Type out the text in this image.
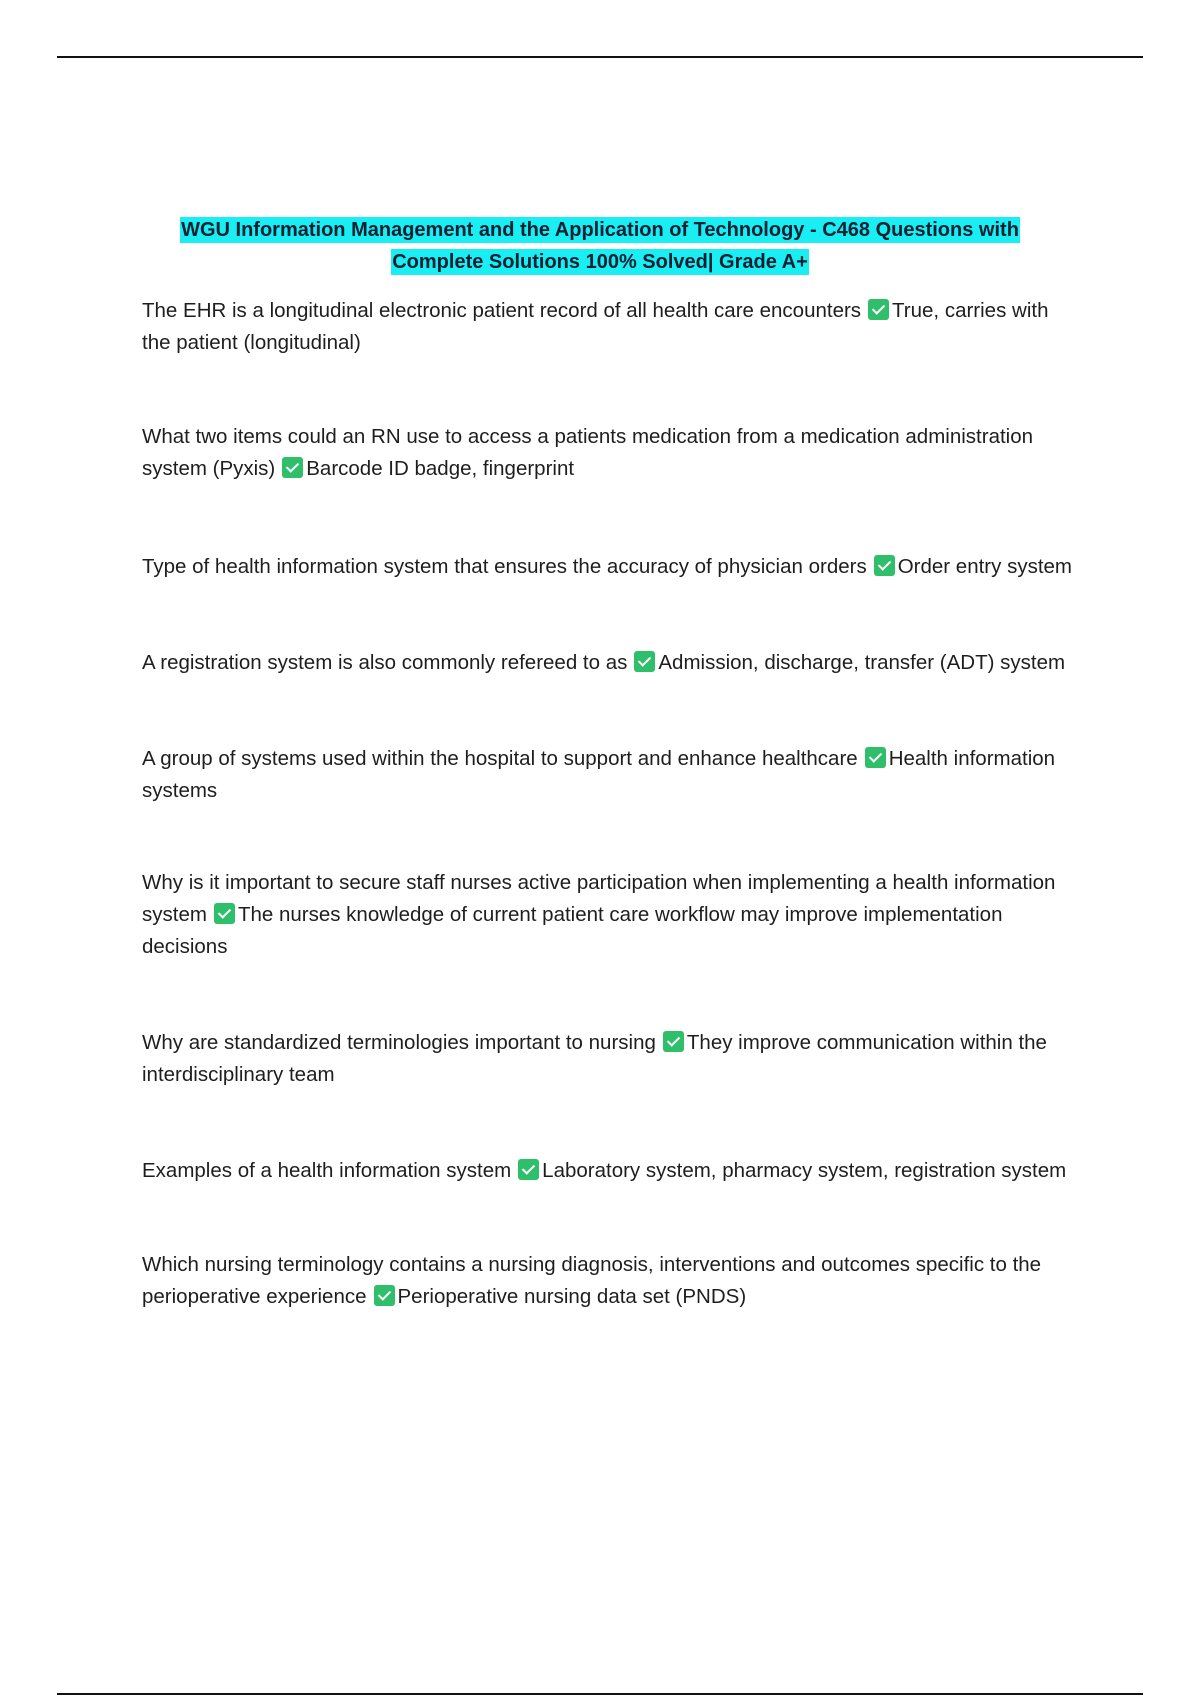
WGU Information Management and the Application of Technology - C468 Questions with
Complete Solutions 100% Solved| Grade A+

The EHR is a longitudinal electronic patient record of all health care encounters True, carries with the patient (longitudinal)

What two items could an RN use to access a patients medication from a medication administration system (Pyxis) Barcode ID badge, fingerprint

Type of health information system that ensures the accuracy of physician orders Order entry system

A registration system is also commonly refereed to as Admission, discharge, transfer (ADT) system

A group of systems used within the hospital to support and enhance healthcare Health information systems

Why is it important to secure staff nurses active participation when implementing a health information system The nurses knowledge of current patient care workflow may improve implementation decisions

Why are standardized terminologies important to nursing They improve communication within the interdisciplinary team

Examples of a health information system Laboratory system, pharmacy system, registration system

Which nursing terminology contains a nursing diagnosis, interventions and outcomes specific to the perioperative experience Perioperative nursing data set (PNDS)
